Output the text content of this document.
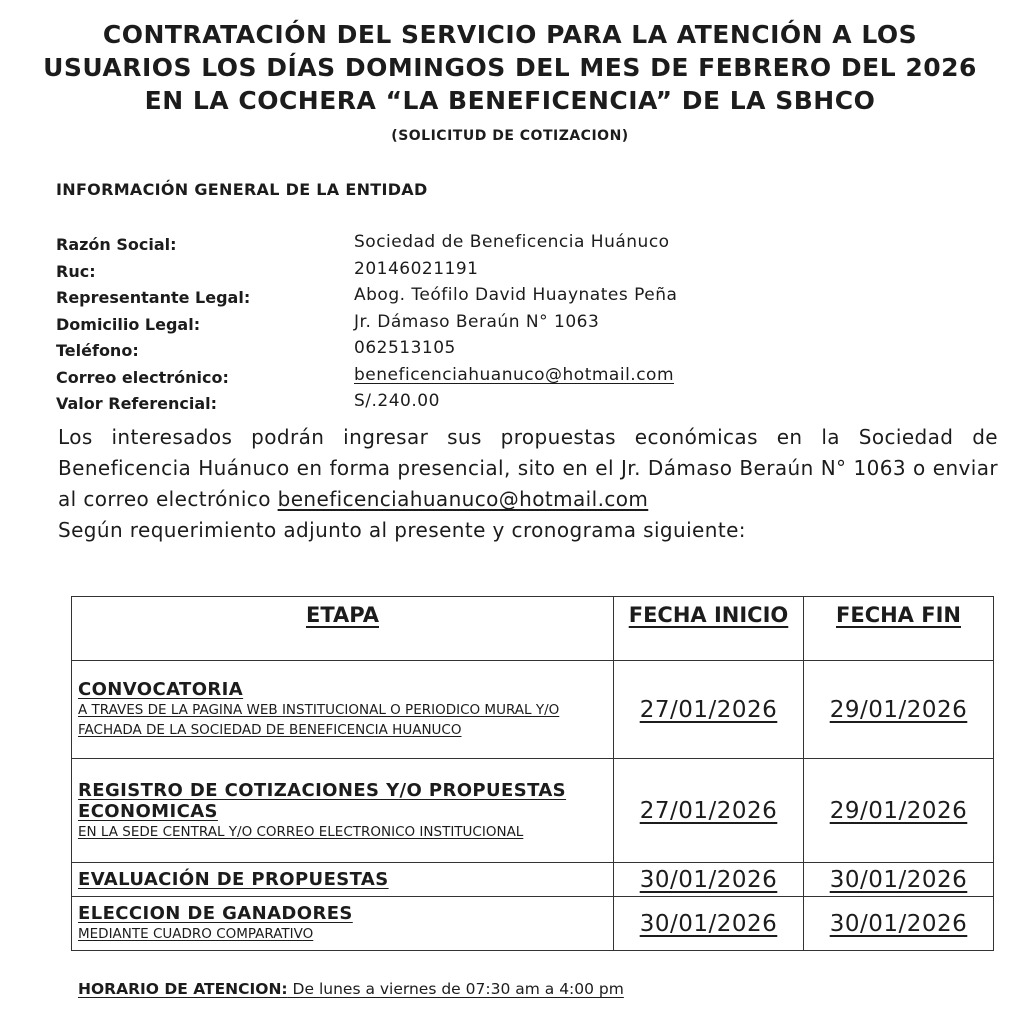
CONTRATACIÓN DEL SERVICIO PARA LA ATENCIÓN A LOS
USUARIOS LOS DÍAS DOMINGOS DEL MES DE FEBRERO DEL 2026
EN LA COCHERA “LA BENEFICENCIA” DE LA SBHCO
(SOLICITUD DE COTIZACION)
INFORMACIÓN GENERAL DE LA ENTIDAD
Razón Social:	Sociedad de Beneficencia Huánuco
Ruc:	20146021191
Representante Legal:	Abog. Teófilo David Huaynates Peña
Domicilio Legal:	Jr. Dámaso Beraún N° 1063
Teléfono:	062513105
Correo electrónico:	beneficenciahuanuco@hotmail.com
Valor Referencial:	S/.240.00

Los interesados podrán ingresar sus propuestas económicas en la Sociedad de Beneficencia Huánuco en forma presencial, sito en el Jr. Dámaso Beraún N° 1063 o enviar al correo electrónico beneficenciahuanuco@hotmail.com

Según requerimiento adjunto al presente y cronograma siguiente:

ETAPA	FECHA INICIO	FECHA FIN

CONVOCATORIA
A TRAVES DE LA PAGINA WEB INSTITUCIONAL O PERIODICO MURAL Y/O FACHADA DE LA SOCIEDAD DE BENEFICENCIA HUANUCO	27/01/2026	29/01/2026

REGISTRO DE COTIZACIONES Y/O PROPUESTAS ECONOMICAS
EN LA SEDE CENTRAL Y/O CORREO ELECTRONICO INSTITUCIONAL	27/01/2026	29/01/2026

EVALUACIÓN DE PROPUESTAS	30/01/2026	30/01/2026

ELECCION DE GANADORES
MEDIANTE CUADRO COMPARATIVO	30/01/2026	30/01/2026
HORARIO DE ATENCION: De lunes a viernes de 07:30 am a 4:00 pm
